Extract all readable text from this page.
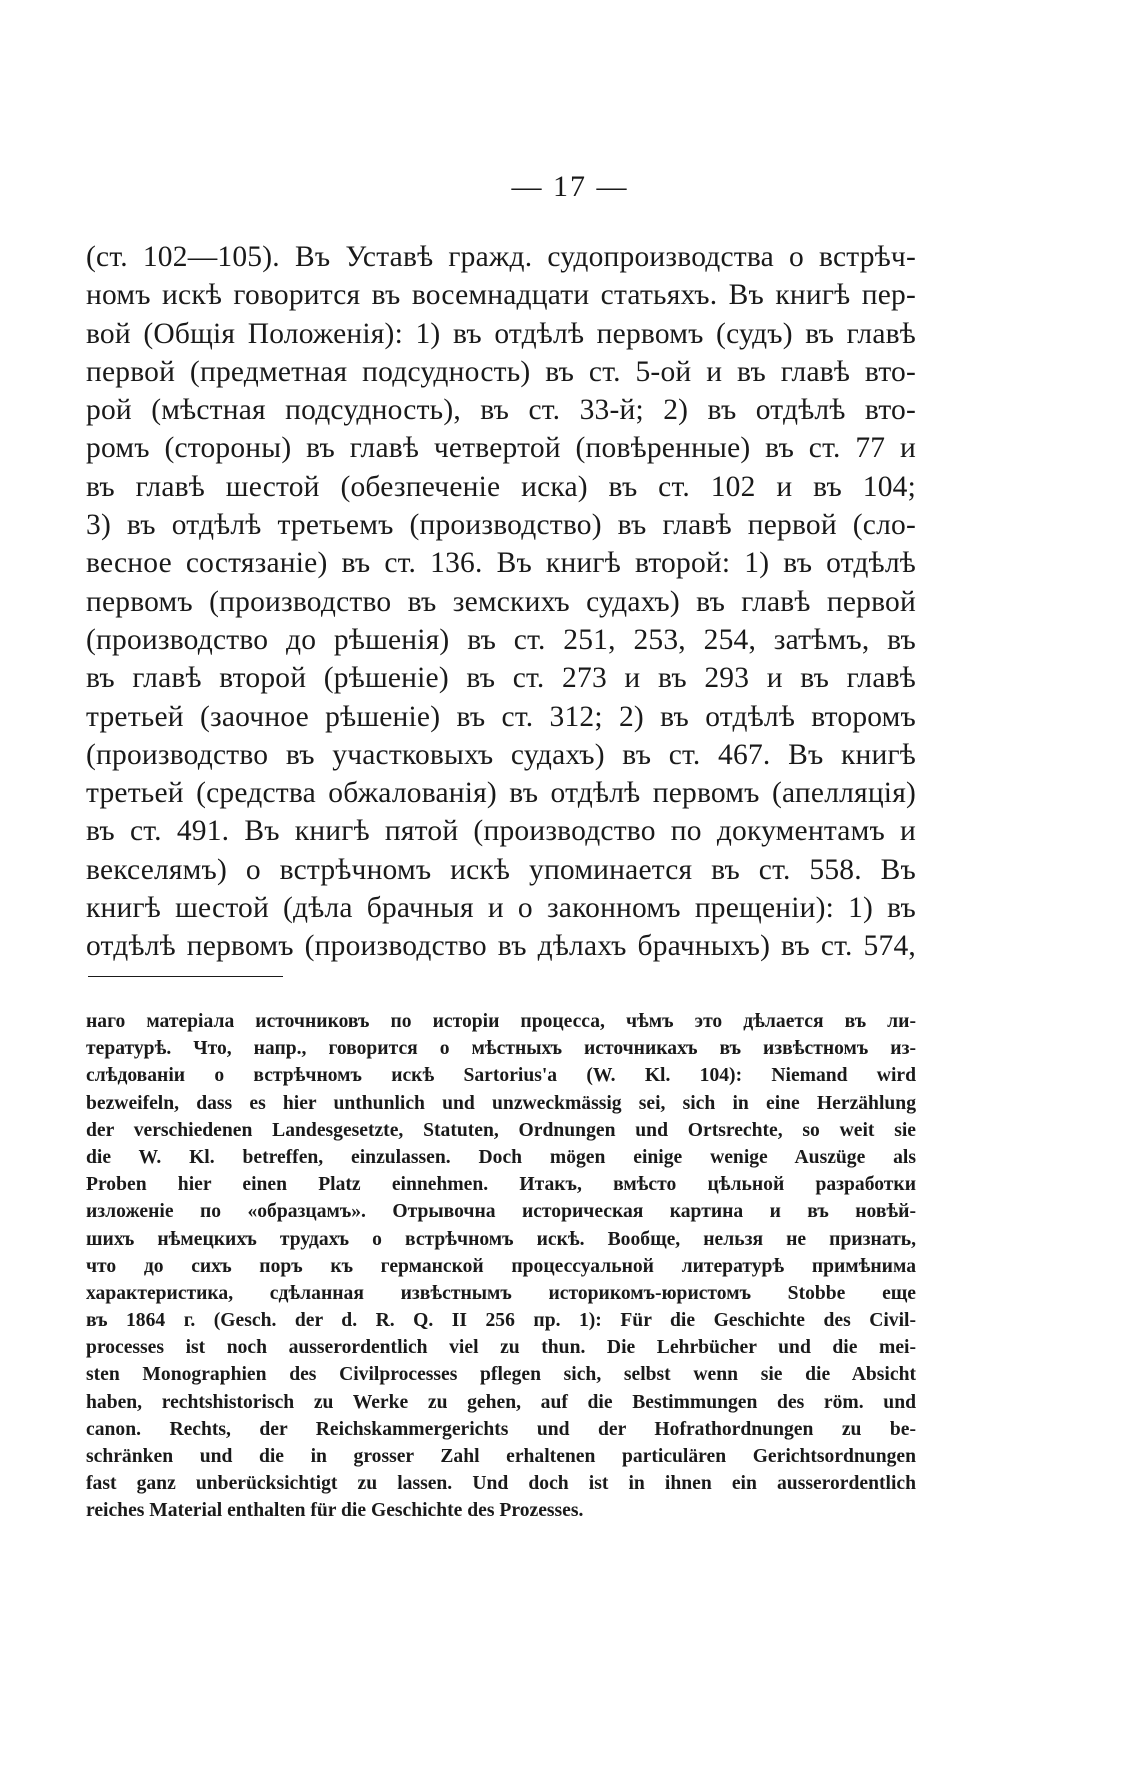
— 17 —
(ст. 102—105). Въ Уставѣ гражд. судопроизводства о встрѣч-
номъ искѣ говорится въ восемнадцати статьяхъ. Въ книгѣ пер-
вой (Общія Положенія): 1) въ отдѣлѣ первомъ (судъ) въ главѣ
первой (предметная подсудность) въ ст. 5-ой и въ главѣ вто-
рой (мѣстная подсудность), въ ст. 33-й; 2) въ отдѣлѣ вто-
ромъ (стороны) въ главѣ четвертой (повѣренные) въ ст. 77 и
въ главѣ шестой (обезпеченіе иска) въ ст. 102 и въ 104;
3) въ отдѣлѣ третьемъ (производство) въ главѣ первой (сло-
весное состязаніе) въ ст. 136. Въ книгѣ второй: 1) въ отдѣлѣ
первомъ (производство въ земскихъ судахъ) въ главѣ первой
(производство до рѣшенія) въ ст. 251, 253, 254, затѣмъ, въ
въ главѣ второй (рѣшеніе) въ ст. 273 и въ 293 и въ главѣ
третьей (заочное рѣшеніе) въ ст. 312; 2) въ отдѣлѣ второмъ
(производство въ участковыхъ судахъ) въ ст. 467. Въ книгѣ
третьей (средства обжалованія) въ отдѣлѣ первомъ (апелляція)
въ ст. 491. Въ книгѣ пятой (производство по документамъ и
векселямъ) о встрѣчномъ искѣ упоминается въ ст. 558. Въ
книгѣ шестой (дѣла брачныя и о законномъ прещеніи): 1) въ
отдѣлѣ первомъ (производство въ дѣлахъ брачныхъ) въ ст. 574,
наго матеріала источниковъ по исторіи процесса, чѣмъ это дѣлается въ ли-
тературѣ. Что, напр., говорится о мѣстныхъ источникахъ въ извѣстномъ из-
слѣдованіи о встрѣчномъ искѣ Sartorius'a (W. Kl. 104): Niemand wird
bezweifeln, dass es hier unthunlich und unzweckmässig sei, sich in eine Herzählung
der verschiedenen Landesgesetzte, Statuten, Ordnungen und Ortsrechte, so weit sie
die W. Kl. betreffen, einzulassen. Doch mögen einige wenige Auszüge als
Proben hier einen Platz einnehmen. Итакъ, вмѣсто цѣльной разработки
изложеніе по «образцамъ». Отрывочна историческая картина и въ новѣй-
шихъ нѣмецкихъ трудахъ о встрѣчномъ искѣ. Вообще, нельзя не признать,
что до сихъ поръ къ германской процессуальной литературѣ примѣнима
характеристика, сдѣланная извѣстнымъ историкомъ-юристомъ Stobbe еще
въ 1864 г. (Gesch. der d. R. Q. II 256 пр. 1): Für die Geschichte des Civil-
processes ist noch ausserordentlich viel zu thun. Die Lehrbücher und die mei-
sten Monographien des Civilprocesses pflegen sich, selbst wenn sie die Absicht
haben, rechtshistorisch zu Werke zu gehen, auf die Bestimmungen des röm. und
canon. Rechts, der Reichskammergerichts und der Hofrathordnungen zu be-
schränken und die in grosser Zahl erhaltenen particulären Gerichtsordnungen
fast ganz unberücksichtigt zu lassen. Und doch ist in ihnen ein ausserordentlich
reiches Material enthalten für die Geschichte des Prozesses.
